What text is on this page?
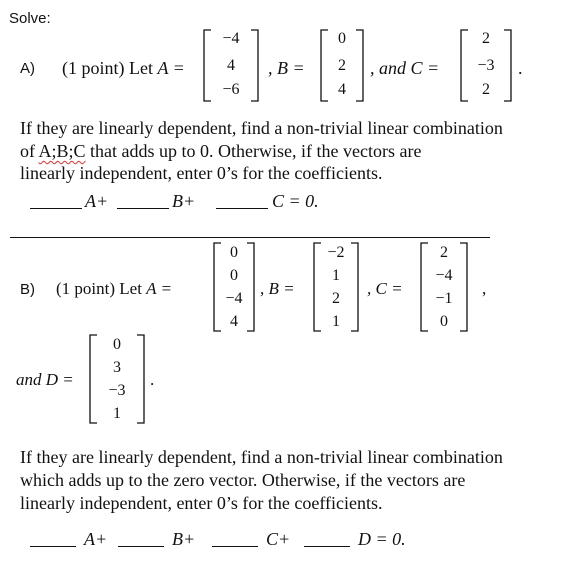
Solve:
A) (1 point) Let A =
−4
4
−6
, B =
0
2
4
, and C =
2
−3
2
.
If they are linearly dependent, find a non-trivial linear combination
of A;B;C that adds up to 0. Otherwise, if the vectors are
linearly independent, enter 0’s for the coefficients.
A+	B+	C = 0.
B) (1 point) Let A =
0
0
−4
4
, B =
−2
1
2
1
, C =
2
−4
−1
0
,
and D =
0
3
−3
1
.
If they are linearly dependent, find a non-trivial linear combination
which adds up to the zero vector. Otherwise, if the vectors are
linearly independent, enter 0’s for the coefficients.
A+	B+	C+	D = 0.
